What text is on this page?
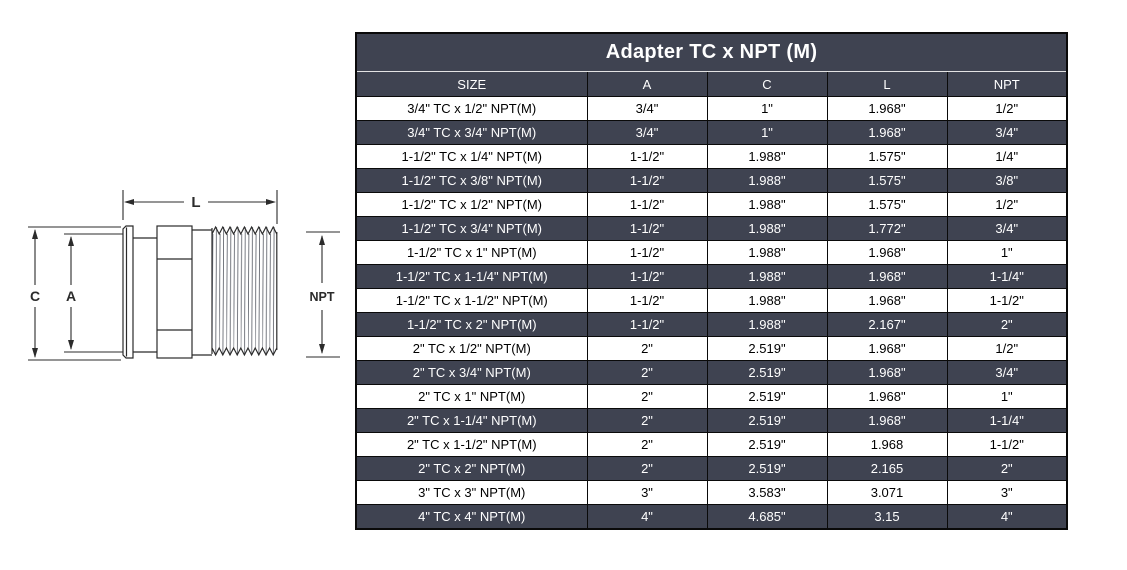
L
C A	NPT
Adapter TC x NPT (M)				
SIZE	A	C	L	NPT
3/4" TC x 1/2" NPT(M)	3/4"	1"	1.968"	1/2"
3/4" TC x 3/4" NPT(M)	3/4"	1"	1.968"	3/4"
1-1/2" TC x 1/4" NPT(M)	1-1/2"	1.988"	1.575"	1/4"
1-1/2" TC x 3/8" NPT(M)	1-1/2"	1.988"	1.575"	3/8"
1-1/2" TC x 1/2" NPT(M)	1-1/2"	1.988"	1.575"	1/2"
1-1/2" TC x 3/4" NPT(M)	1-1/2"	1.988"	1.772"	3/4"
1-1/2" TC x 1" NPT(M)	1-1/2"	1.988"	1.968"	1"
1-1/2" TC x 1-1/4" NPT(M)	1-1/2"	1.988"	1.968"	1-1/4"
1-1/2" TC x 1-1/2" NPT(M)	1-1/2"	1.988"	1.968"	1-1/2"
1-1/2" TC x 2" NPT(M)	1-1/2"	1.988"	2.167"	2"
2" TC x 1/2" NPT(M)	2"	2.519"	1.968"	1/2"
2" TC x 3/4" NPT(M)	2"	2.519"	1.968"	3/4"
2" TC x 1" NPT(M)	2"	2.519"	1.968"	1"
2" TC x 1-1/4" NPT(M)	2"	2.519"	1.968"	1-1/4"
2" TC x 1-1/2" NPT(M)	2"	2.519"	1.968	1-1/2"
2" TC x 2" NPT(M)	2"	2.519"	2.165	2"
3" TC x 3" NPT(M)	3"	3.583"	3.071	3"
4" TC x 4" NPT(M)	4"	4.685"	3.15	4"
